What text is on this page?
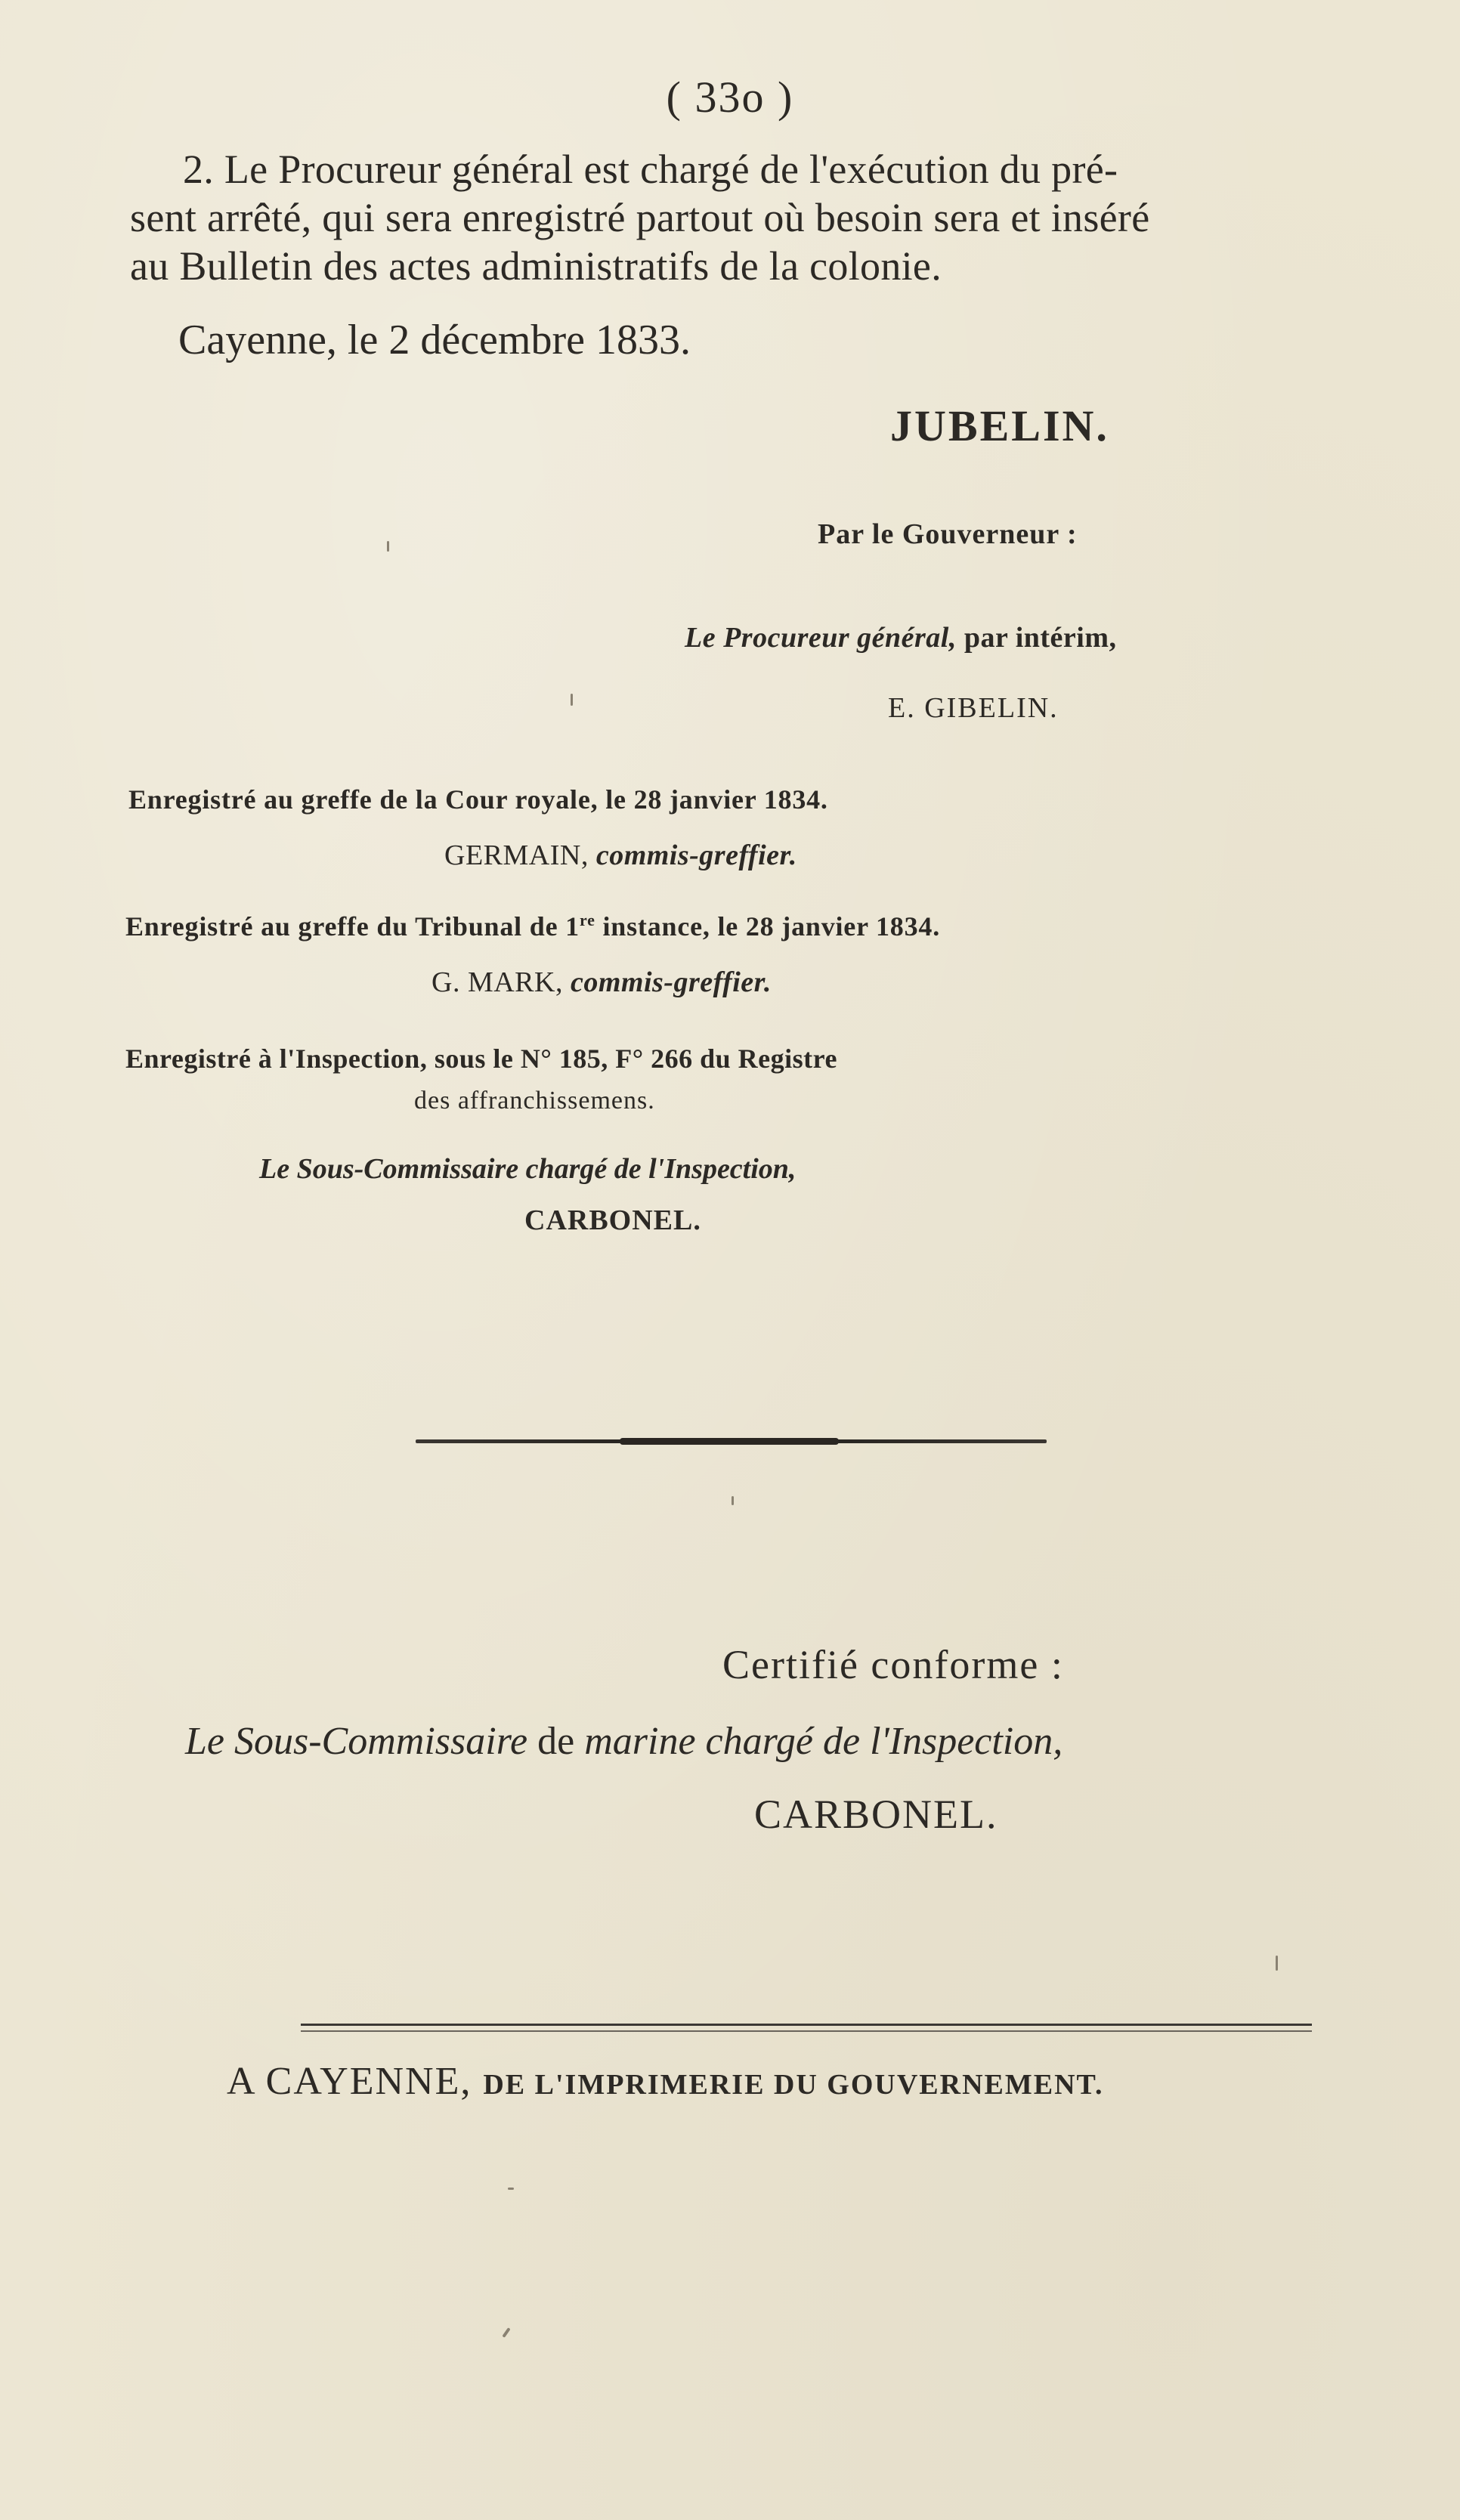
( 33o )
2. Le Procureur général est chargé de l'exécution du pré-
sent arrêté, qui sera enregistré partout où besoin sera et inséré
au Bulletin des actes administratifs de la colonie.
Cayenne, le 2 décembre 1833.
JUBELIN.
Par le Gouverneur :
Le Procureur général, par intérim,
E. GIBELIN.
Enregistré au greffe de la Cour royale, le 28 janvier 1834.
GERMAIN, commis-greffier.
Enregistré au greffe du Tribunal de 1re instance, le 28 janvier 1834.
G. MARK, commis-greffier.
Enregistré à l'Inspection, sous le N° 185, F° 266 du Registre
des affranchissemens.
Le Sous-Commissaire chargé de l'Inspection,
CARBONEL.
Certifié conforme :
Le Sous-Commissaire de marine chargé de l'Inspection,
CARBONEL.
A CAYENNE, DE L'IMPRIMERIE DU GOUVERNEMENT.
